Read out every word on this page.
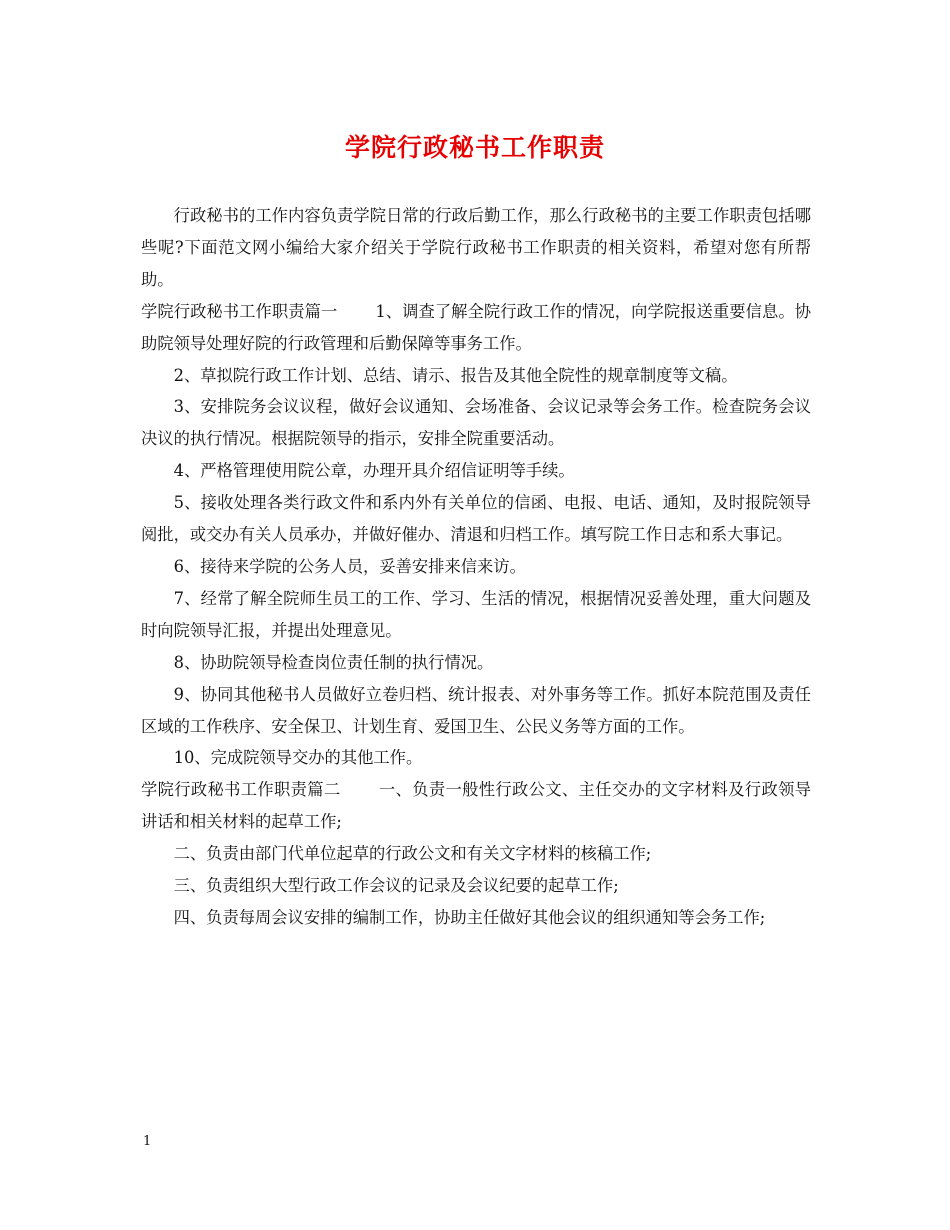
学院行政秘书工作职责

行政秘书的工作内容负责学院日常的行政后勤工作，那么行政秘书的主要工作职责包括哪些呢?下面范文网小编给大家介绍关于学院行政秘书工作职责的相关资料，希望对您有所帮助。

学院行政秘书工作职责篇一 1、调查了解全院行政工作的情况，向学院报送重要信息。协助院领导处理好院的行政管理和后勤保障等事务工作。

2、草拟院行政工作计划、总结、请示、报告及其他全院性的规章制度等文稿。

3、安排院务会议议程，做好会议通知、会场准备、会议记录等会务工作。检查院务会议决议的执行情况。根据院领导的指示，安排全院重要活动。

4、严格管理使用院公章，办理开具介绍信证明等手续。

5、接收处理各类行政文件和系内外有关单位的信函、电报、电话、通知，及时报院领导阅批，或交办有关人员承办，并做好催办、清退和归档工作。填写院工作日志和系大事记。

6、接待来学院的公务人员，妥善安排来信来访。

7、经常了解全院师生员工的工作、学习、生活的情况，根据情况妥善处理，重大问题及时向院领导汇报，并提出处理意见。

8、协助院领导检查岗位责任制的执行情况。

9、协同其他秘书人员做好立卷归档、统计报表、对外事务等工作。抓好本院范围及责任区域的工作秩序、安全保卫、计划生育、爱国卫生、公民义务等方面的工作。

10、完成院领导交办的其他工作。

学院行政秘书工作职责篇二 一、负责一般性行政公文、主任交办的文字材料及行政领导讲话和相关材料的起草工作;

二、负责由部门代单位起草的行政公文和有关文字材料的核稿工作;

三、负责组织大型行政工作会议的记录及会议纪要的起草工作;

四、负责每周会议安排的编制工作，协助主任做好其他会议的组织通知等会务工作;

1
